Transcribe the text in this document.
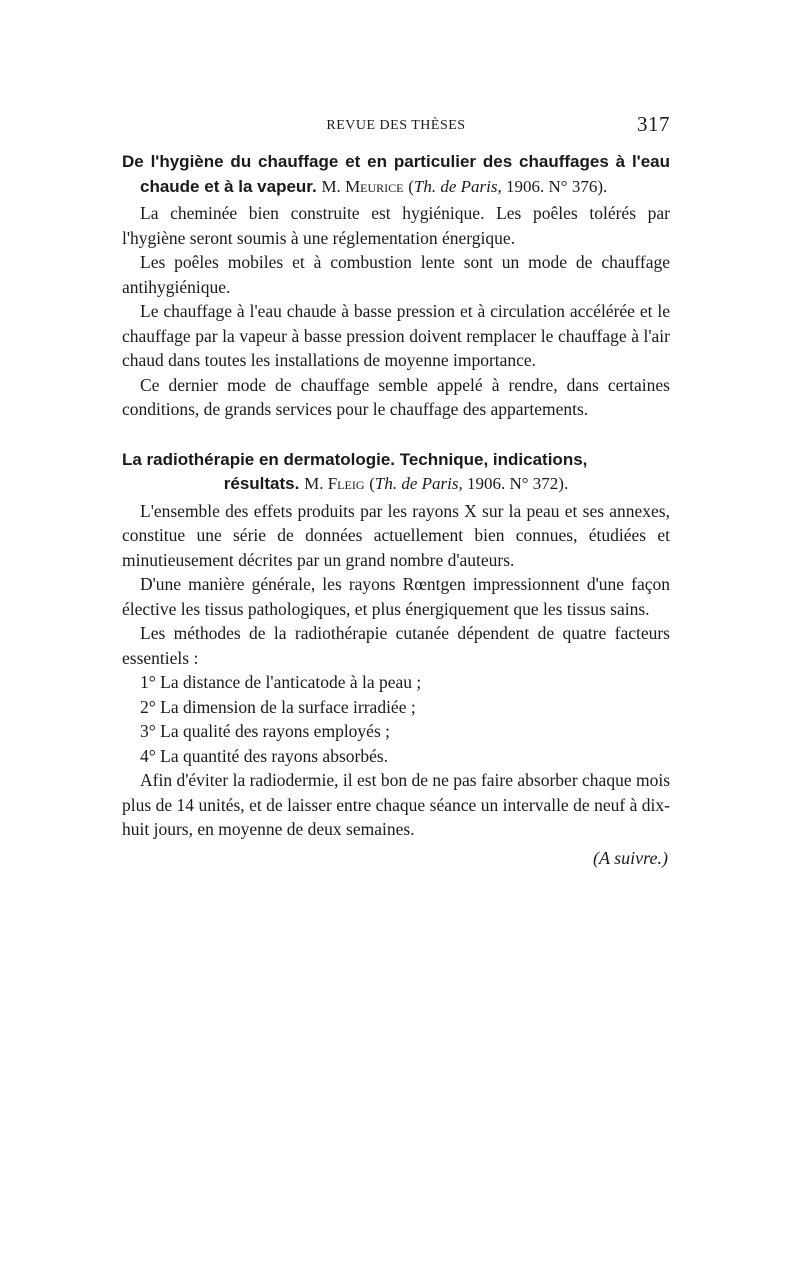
REVUE DES THÈSES	317
De l'hygiène du chauffage et en particulier des chauffages à l'eau chaude et à la vapeur. M. Meurice (Th. de Paris, 1906. N° 376).

La cheminée bien construite est hygiénique. Les poêles tolérés par l'hygiène seront soumis à une réglementation énergique.

Les poêles mobiles et à combustion lente sont un mode de chauffage antihygiénique.

Le chauffage à l'eau chaude à basse pression et à circulation accélérée et le chauffage par la vapeur à basse pression doivent remplacer le chauffage à l'air chaud dans toutes les installations de moyenne importance.

Ce dernier mode de chauffage semble appelé à rendre, dans certaines conditions, de grands services pour le chauffage des appartements.

La radiothérapie en dermatologie. Technique, indications,
résultats. M. Fleig (Th. de Paris, 1906. N° 372).

L'ensemble des effets produits par les rayons X sur la peau et ses annexes, constitue une série de données actuellement bien connues, étudiées et minutieusement décrites par un grand nombre d'auteurs.

D'une manière générale, les rayons Rœntgen impressionnent d'une façon élective les tissus pathologiques, et plus énergiquement que les tissus sains.

Les méthodes de la radiothérapie cutanée dépendent de quatre facteurs essentiels :

1° La distance de l'anticatode à la peau ;
2° La dimension de la surface irradiée ;
3° La qualité des rayons employés ;
4° La quantité des rayons absorbés.

Afin d'éviter la radiodermie, il est bon de ne pas faire absorber chaque mois plus de 14 unités, et de laisser entre chaque séance un intervalle de neuf à dix-huit jours, en moyenne de deux semaines.

(A suivre.)
